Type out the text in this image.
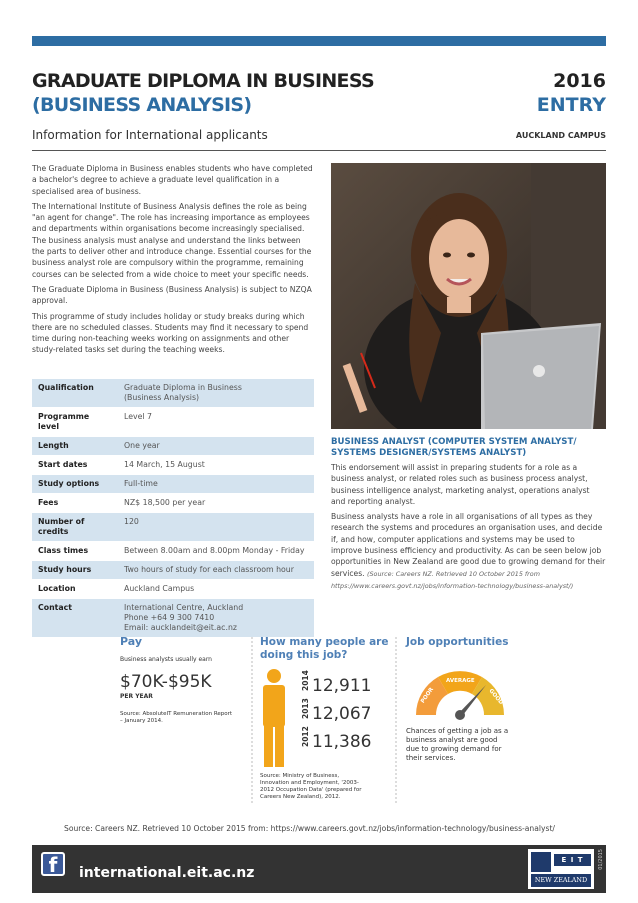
GRADUATE DIPLOMA IN BUSINESS
(BUSINESS ANALYSIS)
Information for International applicants
2016
ENTRY
AUCKLAND CAMPUS

The Graduate Diploma in Business enables students who have completed a bachelor's degree to achieve a graduate level qualification in a specialised area of business.

The International Institute of Business Analysis defines the role as being "an agent for change". The role has increasing importance as employees and departments within organisations become increasingly specialised. The business analysis must analyse and understand the links between the parts to deliver other and introduce change. Essential courses for the business analyst role are compulsory within the programme, remaining courses can be selected from a wide choice to meet your specific needs.

The Graduate Diploma in Business (Business Analysis) is subject to NZQA approval.

This programme of study includes holiday or study breaks during which there are no scheduled classes. Students may find it necessary to spend time during non-teaching weeks working on assignments and other study-related tasks set during the teaching weeks.

Qualification	Graduate Diploma in Business
(Business Analysis)
Programme level	Level 7
Length	One year
Start dates	14 March, 15 August
Study options	Full-time
Fees	NZ$ 18,500 per year
Number of credits	120
Class times	Between 8.00am and 8.00pm Monday - Friday
Study hours	Two hours of study for each classroom hour
Location	Auckland Campus
Contact	International Centre, Auckland
Phone +64 9 300 7410
Email: aucklandeit@eit.ac.nz
BUSINESS ANALYST (COMPUTER SYSTEM ANALYST/ SYSTEMS DESIGNER/SYSTEMS ANALYST)

This endorsement will assist in preparing students for a role as a business analyst, or related roles such as business process analyst, business intelligence analyst, marketing analyst, operations analyst and reporting analyst.

Business analysts have a role in all organisations of all types as they research the systems and procedures an organisation uses, and decide if, and how, computer applications and systems may be used to improve business efficiency and productivity. As can be seen below job opportunities in New Zealand are good due to growing demand for their services. (Source: Careers NZ. Retrieved 10 October 2015 from https://www.careers.govt.nz/jobs/information-technology/business-analyst/)

Pay
Business analysts usually earn
$70K-$95K
PER YEAR
Source: AbsoluteIT Remuneration Report
– January 2014.
How many people are
doing this job?
2014 12,911
2013 12,067
2012 11,386
Source: Ministry of Business,
Innovation and Employment, '2003-
2012 Occupation Data' (prepared for
Careers New Zealand), 2012.
Job opportunities
POOR
AVERAGE
GOOD
Chances of getting a job as a
business analyst are good
due to growing demand for
their services.
Source: Careers NZ. Retrieved 10 October 2015 from: https://www.careers.govt.nz/jobs/information-technology/business-analyst/
f	international.eit.ac.nz
E I T
NEW ZEALAND
01/2015
